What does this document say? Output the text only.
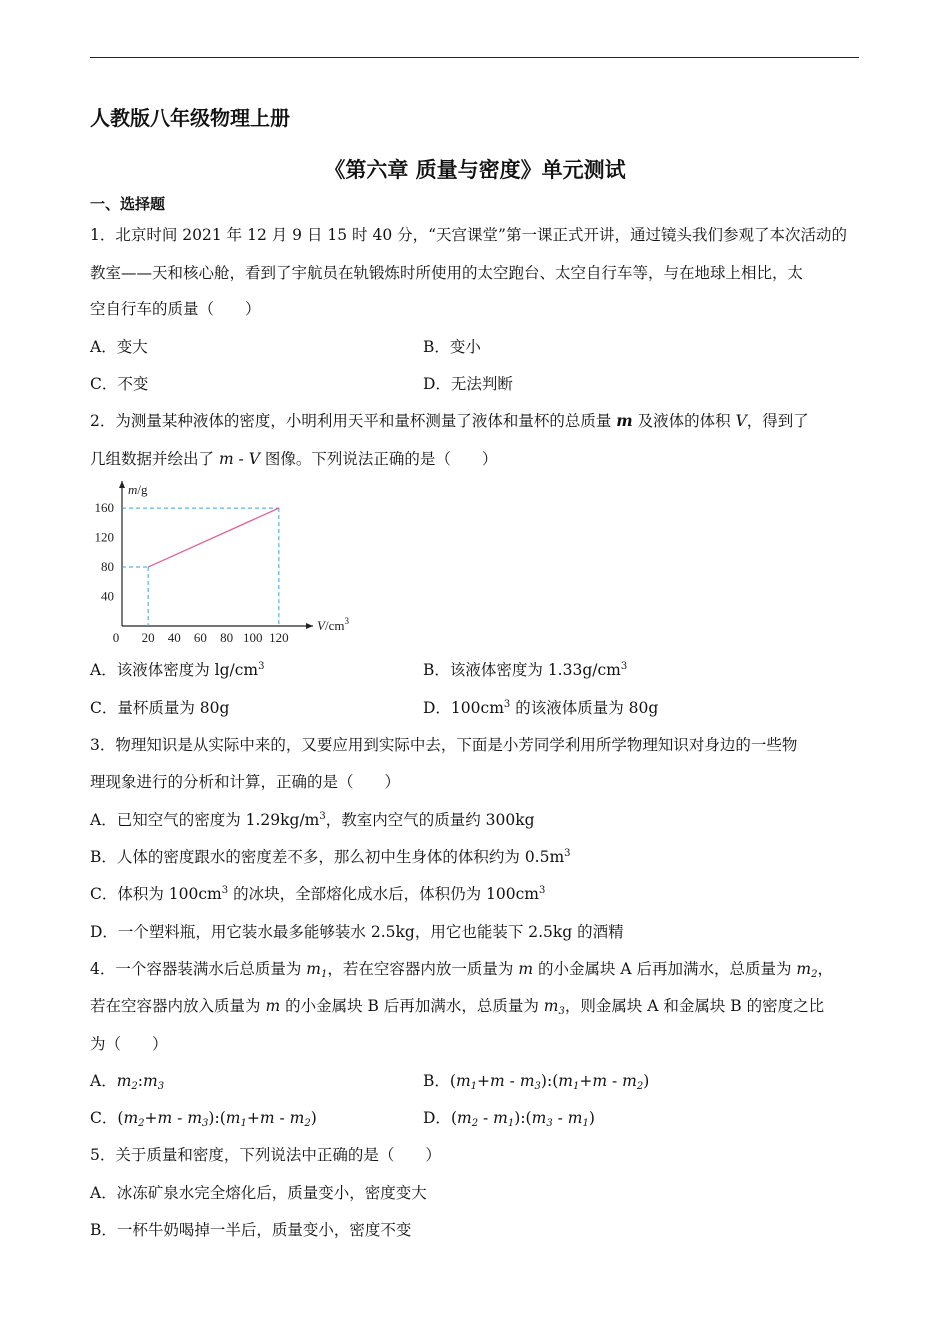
人教版八年级物理上册
《第六章 质量与密度》单元测试
一、选择题
1．北京时间 2021 年 12 月 9 日 15 时 40 分，“天宫课堂”第一课正式开讲，通过镜头我们参观了本次活动的
教室——天和核心舱，看到了宇航员在轨锻炼时所使用的太空跑台、太空自行车等，与在地球上相比，太
空自行车的质量（　　）
A．变大	B．变小
C．不变	D．无法判断
2．为测量某种液体的密度，小明利用天平和量杯测量了液体和量杯的总质量 m 及液体的体积 V，得到了
几组数据并绘出了 m - V 图像。下列说法正确的是（　　）
0 20 40 60 80 100 120
40
80
120
160
m/g
$V/cm^3$
A．该液体密度为 $\lg/cm^3$	B．该液体密度为 $1.33g/cm^3$
C．量杯质量为 80g	D．$100cm^3$ 的该液体质量为 80g
3．物理知识是从实际中来的，又要应用到实际中去，下面是小芳同学利用所学物理知识对身边的一些物
理现象进行的分析和计算，正确的是（　　）
A．已知空气的密度为 $1.29kg/m^3$，教室内空气的质量约 300kg
B．人体的密度跟水的密度差不多，那么初中生身体的体积约为 $0.5m^3$
C．体积为 $100cm^3$ 的冰块，全部熔化成水后，体积仍为 $100cm^3$
D．一个塑料瓶，用它装水最多能够装水 2.5kg，用它也能装下 2.5kg 的酒精
4．一个容器装满水后总质量为 $m_1$，若在空容器内放一质量为 m 的小金属块 A 后再加满水，总质量为 $m_2$，
若在空容器内放入质量为 m 的小金属块 B 后再加满水，总质量为 $m_3$，则金属块 A 和金属块 B 的密度之比
为（　　）
A．$m_2:m_3$	B．($m_1+m$ - $m_3):(m_1+m - m_2)$
C．($m_2+m$ - $m_3):(m_1+m - m_2)$	D．($m_2$ - $m_1):(m_3 - m_1)$
5．关于质量和密度，下列说法中正确的是（　　）
A．冰冻矿泉水完全熔化后，质量变小，密度变大
B．一杯牛奶喝掉一半后，质量变小，密度不变
